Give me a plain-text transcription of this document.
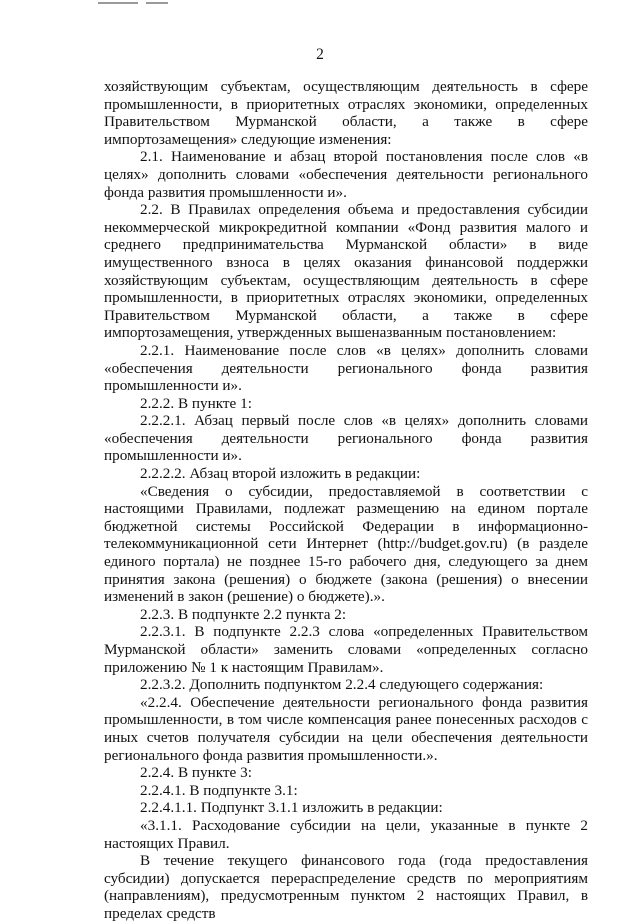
2

хозяйствующим субъектам, осуществляющим деятельность в сфере промышленности, в приоритетных отраслях экономики, определенных Правительством Мурманской области, а также в сфере импортозамещения» следующие изменения:

2.1. Наименование и абзац второй постановления после слов «в целях» дополнить словами «обеспечения деятельности регионального фонда развития промышленности и».

2.2. В Правилах определения объема и предоставления субсидии некоммерческой микрокредитной компании «Фонд развития малого и среднего предпринимательства Мурманской области» в виде имущественного взноса в целях оказания финансовой поддержки хозяйствующим субъектам, осуществляющим деятельность в сфере промышленности, в приоритетных отраслях экономики, определенных Правительством Мурманской области, а также в сфере импортозамещения, утвержденных вышеназванным постановлением:

2.2.1. Наименование после слов «в целях» дополнить словами «обеспечения деятельности регионального фонда развития промышленности и».

2.2.2. В пункте 1:

2.2.2.1. Абзац первый после слов «в целях» дополнить словами «обеспечения деятельности регионального фонда развития промышленности и».

2.2.2.2. Абзац второй изложить в редакции:

«Сведения о субсидии, предоставляемой в соответствии с настоящими Правилами, подлежат размещению на едином портале бюджетной системы Российской Федерации в информационно-телекоммуникационной сети Интернет (http://budget.gov.ru) (в разделе единого портала) не позднее 15-го рабочего дня, следующего за днем принятия закона (решения) о бюджете (закона (решения) о внесении изменений в закон (решение) о бюджете).».

2.2.3. В подпункте 2.2 пункта 2:

2.2.3.1. В подпункте 2.2.3 слова «определенных Правительством Мурманской области» заменить словами «определенных согласно приложению № 1 к настоящим Правилам».

2.2.3.2. Дополнить подпунктом 2.2.4 следующего содержания:

«2.2.4. Обеспечение деятельности регионального фонда развития промышленности, в том числе компенсация ранее понесенных расходов с иных счетов получателя субсидии на цели обеспечения деятельности регионального фонда развития промышленности.».

2.2.4. В пункте 3:

2.2.4.1. В подпункте 3.1:

2.2.4.1.1. Подпункт 3.1.1 изложить в редакции:

«3.1.1. Расходование субсидии на цели, указанные в пункте 2 настоящих Правил.

В течение текущего финансового года (года предоставления субсидии) допускается перераспределение средств по мероприятиям (направлениям), предусмотренным пунктом 2 настоящих Правил, в пределах средств
